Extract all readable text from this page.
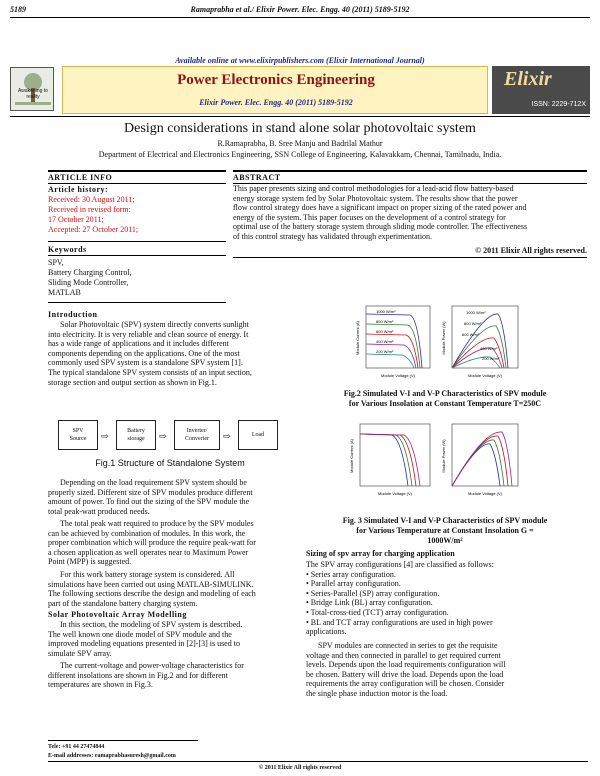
Ramaprabha et al./ Elixir Power. Elec. Engg. 40 (2011) 5189-5192
5189
Available online at www.elixirpublishers.com (Elixir International Journal)
Awakening to reality
Power Electronics Engineering
Elixir Power. Elec. Engg. 40 (2011) 5189-5192
Elixir
ISSN: 2229-712X
Design considerations in stand alone solar photovoltaic system
R.Ramaprabha, B. Sree Manju and Badrilal Mathur
Department of Electrical and Electronics Engineering, SSN College of Engineering, Kalavakkam, Chennai, Tamilnadu, India.
ARTICLE INFO
Article history:
Received: 30 August 2011;
Received in revised form:
17 October 2011;
Accepted: 27 October 2011;
Keywords
SPV,
Battery Charging Control,
Sliding Mode Controller,
MATLAB
ABSTRACT
This paper presents sizing and control methodologies for a lead-acid flow battery-based
energy storage system fed by Solar Photovoltaic system. The results show that the power
flow control strategy does have a significant impact on proper sizing of the rated power and
energy of the system. This paper focuses on the development of a control strategy for
optimal use of the battery storage system through sliding mode controller. The effectiveness
of this control strategy has validated through experimentation.
© 2011 Elixir All rights reserved.
Introduction
Solar Photovoltaic (SPV) system directly converts sunlight
into electricity. It is very reliable and clean source of energy. It
has a wide range of applications and it includes different
components depending on the applications. One of the most
commonly used SPV system is a standalone SPV system [1].
The typical standalone SPV system consists of an input section,
storage section and output section as shown in Fig.1.
SPV
Source	⇨	Battery
storage	⇨	Inverter/
Converter	⇨	Load
Fig.1 Structure of Standalone System
Depending on the load requirement SPV system should be
properly sized. Different size of SPV modules produce different
amount of power. To find out the sizing of the SPV module the
total peak-watt produced needs.
The total peak watt required to produce by the SPV modules
can be achieved by combination of modules. In this work, the
proper combination which will produce the require peak-watt for
a chosen application as well operates near to Maximum Power
Point (MPP) is suggested.
For this work battery storage system is considered. All
simulations have been carried out using MATLAB-SIMULINK.
The following sections describe the design and modeling of each
part of the standalone battery charging system.
Solar Photovoltaic Array Modelling
In this section, the modeling of SPV system is described.
The well known one diode model of SPV module and the
improved modeling equations presented in [2]-[3] is used to
simulate SPV array.
The current-voltage and power-voltage characteristics for
different insolations are shown in Fig.2 and for different
temperatures are shown in Fig.3.
1000 W/m²
800 W/m²
600 W/m²
400 W/m²
200 W/m²
Module Voltage (V)
Module Current (A)
1000 W/m²
800 W/m²
600 W/m²
400 W/m²
200 W/m²
Module Voltage (V)
Module Power (W)
Fig.2 Simulated V-I and V-P Characteristics of SPV module
for Various Insolation at Constant Temperature T=250C
Module Voltage (V)
Module Current (A)
Module Voltage (V)
Module Power (W)
Fig. 3 Simulated V-I and V-P Characteristics of SPV module
for Various Temperature at Constant Insolation G =
1000W/m²
Sizing of spv array for charging application
The SPV array configurations [4] are classified as follows:
• Series array configuration.
• Parallel array configuration.
• Series-Parallel (SP) array configuration.
• Bridge Link (BL) array configuration.
• Total-cross-tied (TCT) array configuration.
• BL and TCT array configurations are used in high power
applications.
SPV modules are connected in series to get the requisite
voltage and then connected in parallel to get required current
levels. Depends upon the load requirements configuration will
be chosen. Battery will drive the load. Depends upon the load
requirements the array configuration will be chosen. Consider
the single phase induction motor is the load.
Tele: +91 44 27474844
E-mail addresses: ramaprabhasuresh@gmail.com
© 2011 Elixir All rights reserved
